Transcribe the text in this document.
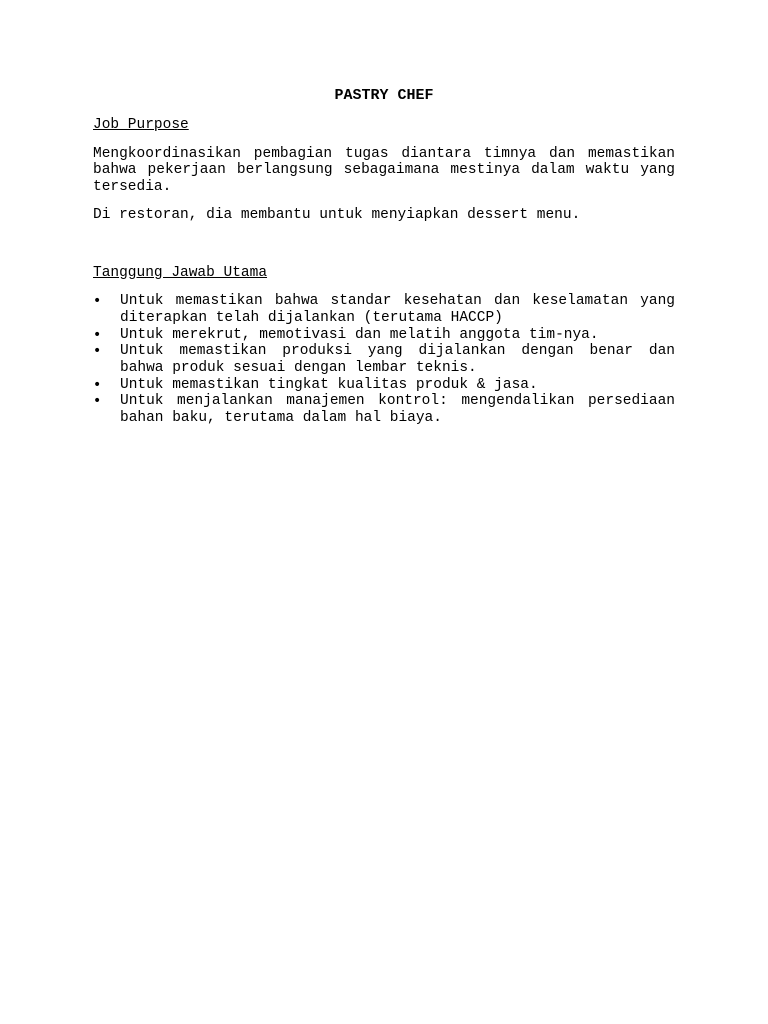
PASTRY CHEF
Job Purpose
Mengkoordinasikan pembagian tugas diantara timnya dan memastikan bahwa pekerjaan berlangsung sebagaimana mestinya dalam waktu yang tersedia.
Di restoran, dia membantu untuk menyiapkan dessert menu.
Tanggung Jawab Utama
• Untuk memastikan bahwa standar kesehatan dan keselamatan yang diterapkan telah dijalankan (terutama HACCP)
• Untuk merekrut, memotivasi dan melatih anggota tim-nya.
• Untuk memastikan produksi yang dijalankan dengan benar dan bahwa produk sesuai dengan lembar teknis.
• Untuk memastikan tingkat kualitas produk & jasa.
• Untuk menjalankan manajemen kontrol: mengendalikan persediaan bahan baku, terutama dalam hal biaya.
